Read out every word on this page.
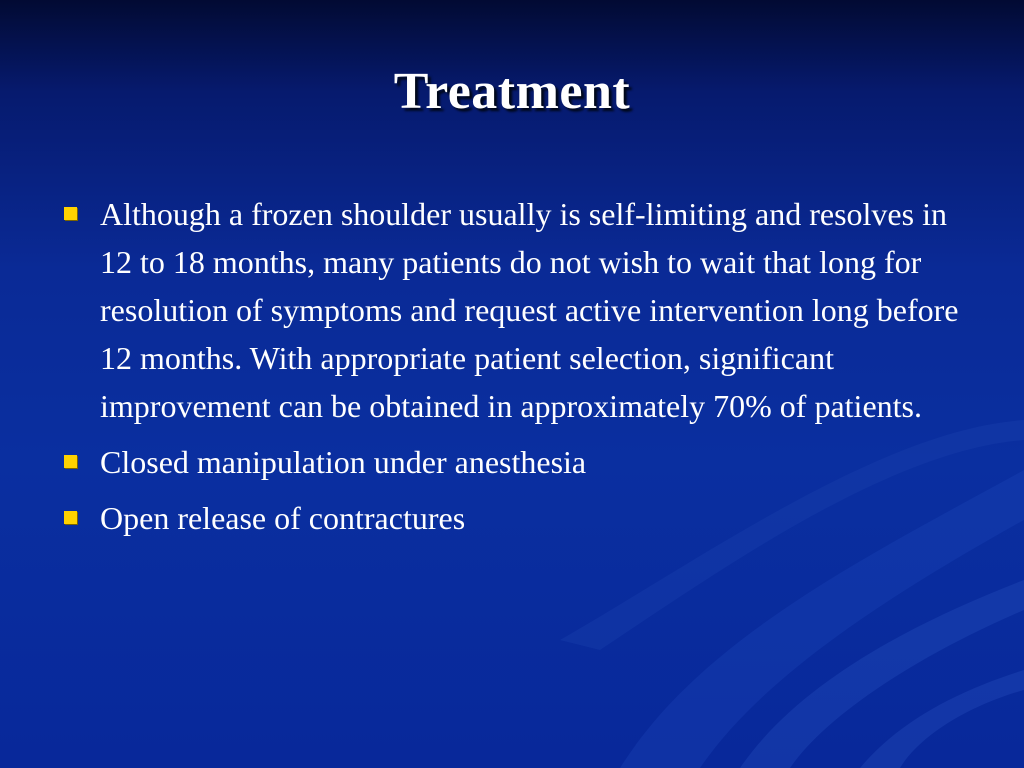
Treatment
Although a frozen shoulder usually is self-limiting and resolves in 12 to 18 months, many patients do not wish to wait that long for resolution of symptoms and request active intervention long before 12 months. With appropriate patient selection, significant improvement can be obtained in approximately 70% of patients.
Closed manipulation under anesthesia
Open release of contractures
